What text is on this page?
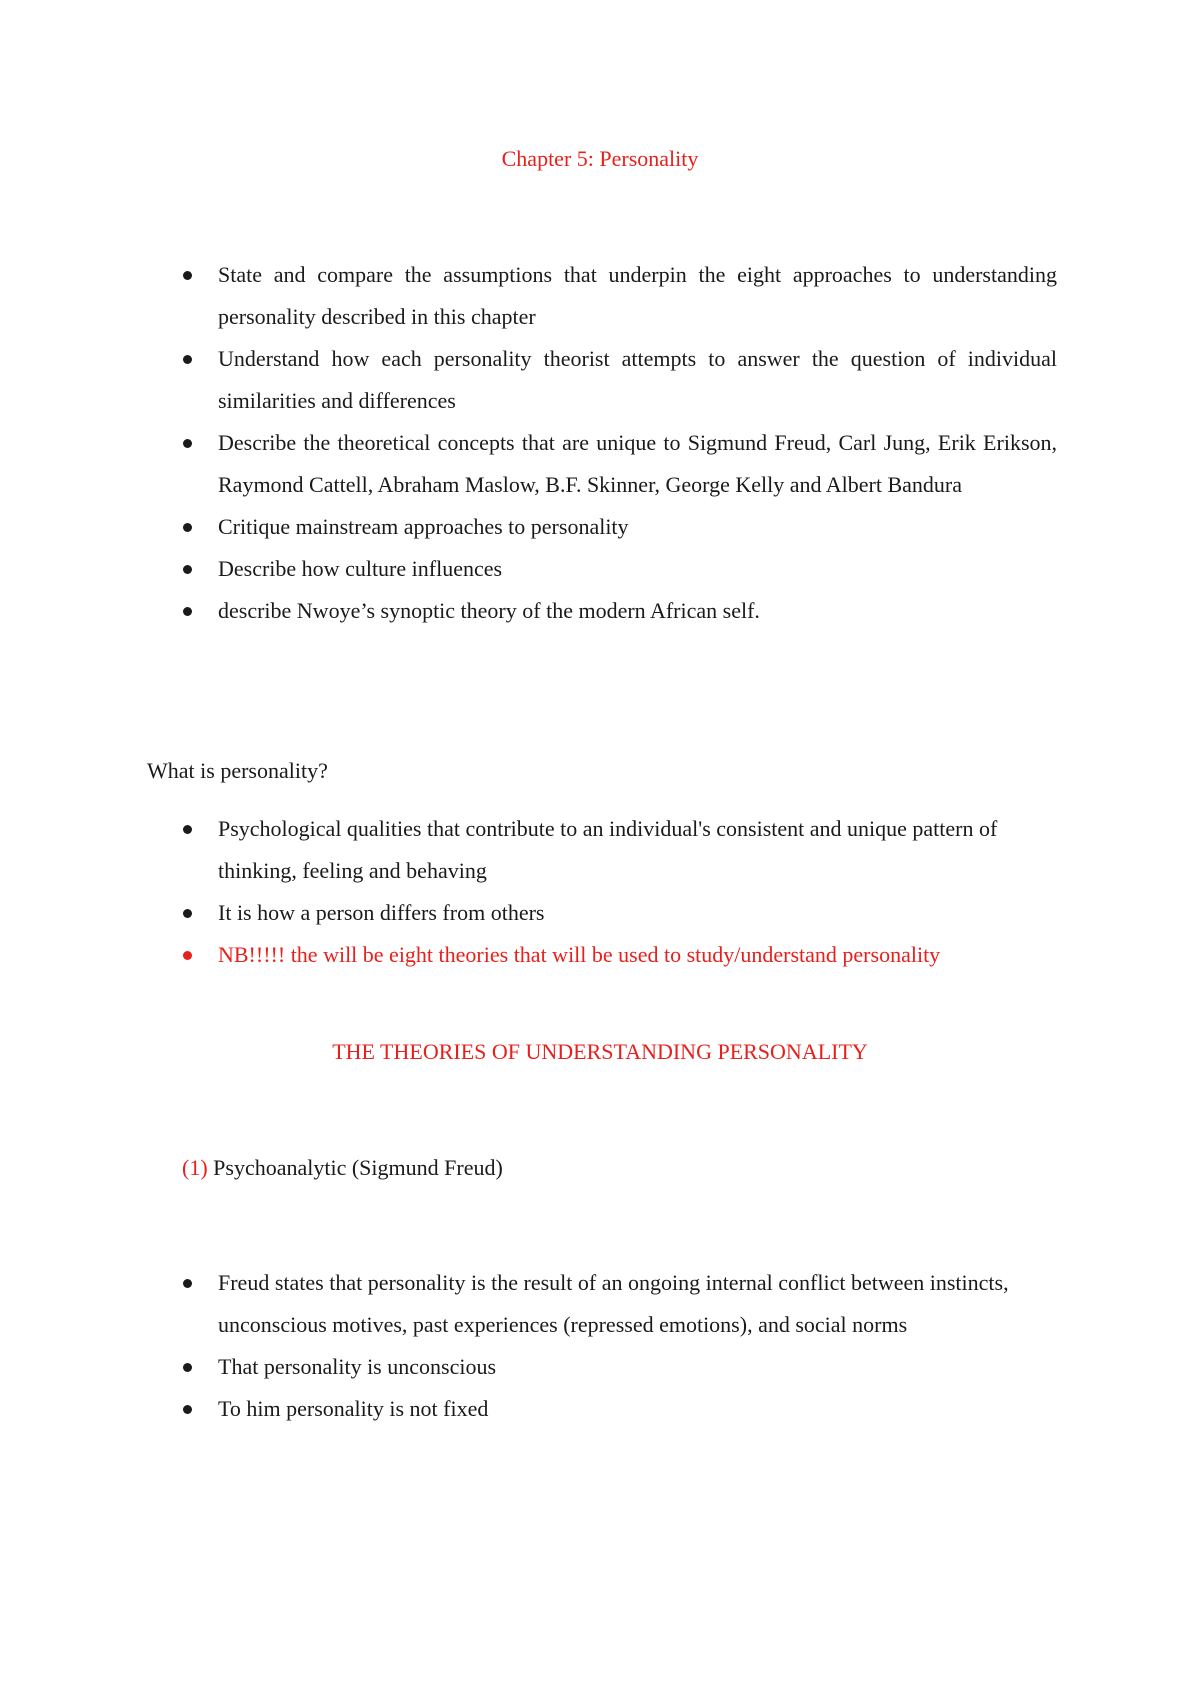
Chapter 5: Personality
State and compare the assumptions that underpin the eight approaches to understanding personality described in this chapter
Understand how each personality theorist attempts to answer the question of individual similarities and differences
Describe the theoretical concepts that are unique to Sigmund Freud, Carl Jung, Erik Erikson, Raymond Cattell, Abraham Maslow, B.F. Skinner, George Kelly and Albert Bandura
Critique mainstream approaches to personality
Describe how culture influences
describe Nwoye’s synoptic theory of the modern African self.
What is personality?
Psychological qualities that contribute to an individual's consistent and unique pattern of thinking, feeling and behaving
It is how a person differs from others
NB!!!!! the will be eight theories that will be used to study/understand personality
THE THEORIES OF UNDERSTANDING PERSONALITY
(1) Psychoanalytic (Sigmund Freud)
Freud states that personality is the result of an ongoing internal conflict between instincts, unconscious motives, past experiences (repressed emotions), and social norms
That personality is unconscious
To him personality is not fixed
